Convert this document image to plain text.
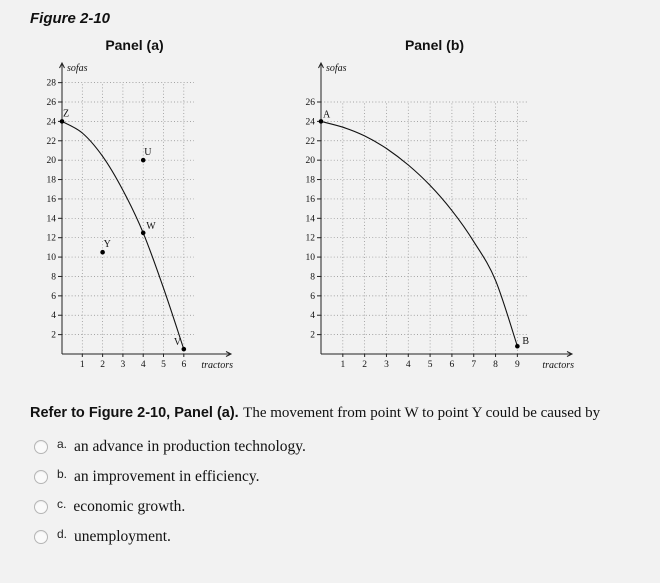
Figure 2-10
Panel (a)
1 2 3 4 5 6
2
4
6
8
10
12
14
16
18
20
22
24
26
28
sofas
tractors
Z
U
W
Y
V
Panel (b)
1 2 3 4 5 6 7 8 9
2
4
6
8
10
12
14
16
18
20
22
24
26
sofas
tractors
A
B
Refer to Figure 2-10, Panel (a). The movement from point W to point Y could be caused by
a. an advance in production technology.
b. an improvement in efficiency.
c. economic growth.
d. unemployment.
